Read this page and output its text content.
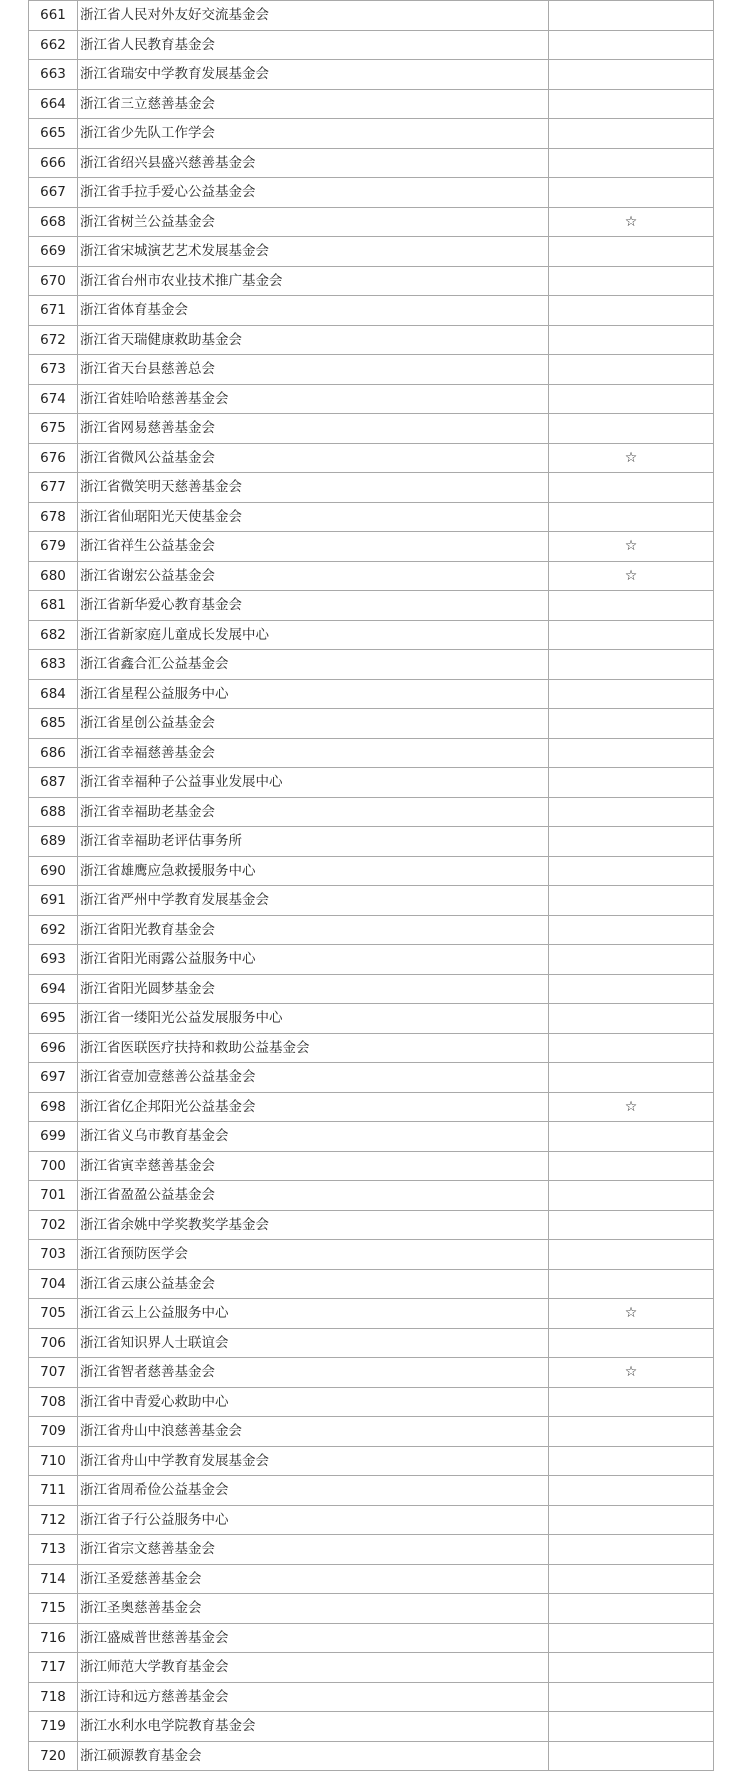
661	浙江省人民对外友好交流基金会	
662	浙江省人民教育基金会	
663	浙江省瑞安中学教育发展基金会	
664	浙江省三立慈善基金会	
665	浙江省少先队工作学会	
666	浙江省绍兴县盛兴慈善基金会	
667	浙江省手拉手爱心公益基金会	
668	浙江省树兰公益基金会	☆
669	浙江省宋城演艺艺术发展基金会	
670	浙江省台州市农业技术推广基金会	
671	浙江省体育基金会	
672	浙江省天瑞健康救助基金会	
673	浙江省天台县慈善总会	
674	浙江省娃哈哈慈善基金会	
675	浙江省网易慈善基金会	
676	浙江省微风公益基金会	☆
677	浙江省微笑明天慈善基金会	
678	浙江省仙琚阳光天使基金会	
679	浙江省祥生公益基金会	☆
680	浙江省谢宏公益基金会	☆
681	浙江省新华爱心教育基金会	
682	浙江省新家庭儿童成长发展中心	
683	浙江省鑫合汇公益基金会	
684	浙江省星程公益服务中心	
685	浙江省星创公益基金会	
686	浙江省幸福慈善基金会	
687	浙江省幸福种子公益事业发展中心	
688	浙江省幸福助老基金会	
689	浙江省幸福助老评估事务所	
690	浙江省雄鹰应急救援服务中心	
691	浙江省严州中学教育发展基金会	
692	浙江省阳光教育基金会	
693	浙江省阳光雨露公益服务中心	
694	浙江省阳光圆梦基金会	
695	浙江省一缕阳光公益发展服务中心	
696	浙江省医联医疗扶持和救助公益基金会	
697	浙江省壹加壹慈善公益基金会	
698	浙江省亿企邦阳光公益基金会	☆
699	浙江省义乌市教育基金会	
700	浙江省寅幸慈善基金会	
701	浙江省盈盈公益基金会	
702	浙江省余姚中学奖教奖学基金会	
703	浙江省预防医学会	
704	浙江省云康公益基金会	
705	浙江省云上公益服务中心	☆
706	浙江省知识界人士联谊会	
707	浙江省智者慈善基金会	☆
708	浙江省中青爱心救助中心	
709	浙江省舟山中浪慈善基金会	
710	浙江省舟山中学教育发展基金会	
711	浙江省周希俭公益基金会	
712	浙江省子行公益服务中心	
713	浙江省宗文慈善基金会	
714	浙江圣爱慈善基金会	
715	浙江圣奥慈善基金会	
716	浙江盛威普世慈善基金会	
717	浙江师范大学教育基金会	
718	浙江诗和远方慈善基金会	
719	浙江水利水电学院教育基金会	
720	浙江硕源教育基金会	
